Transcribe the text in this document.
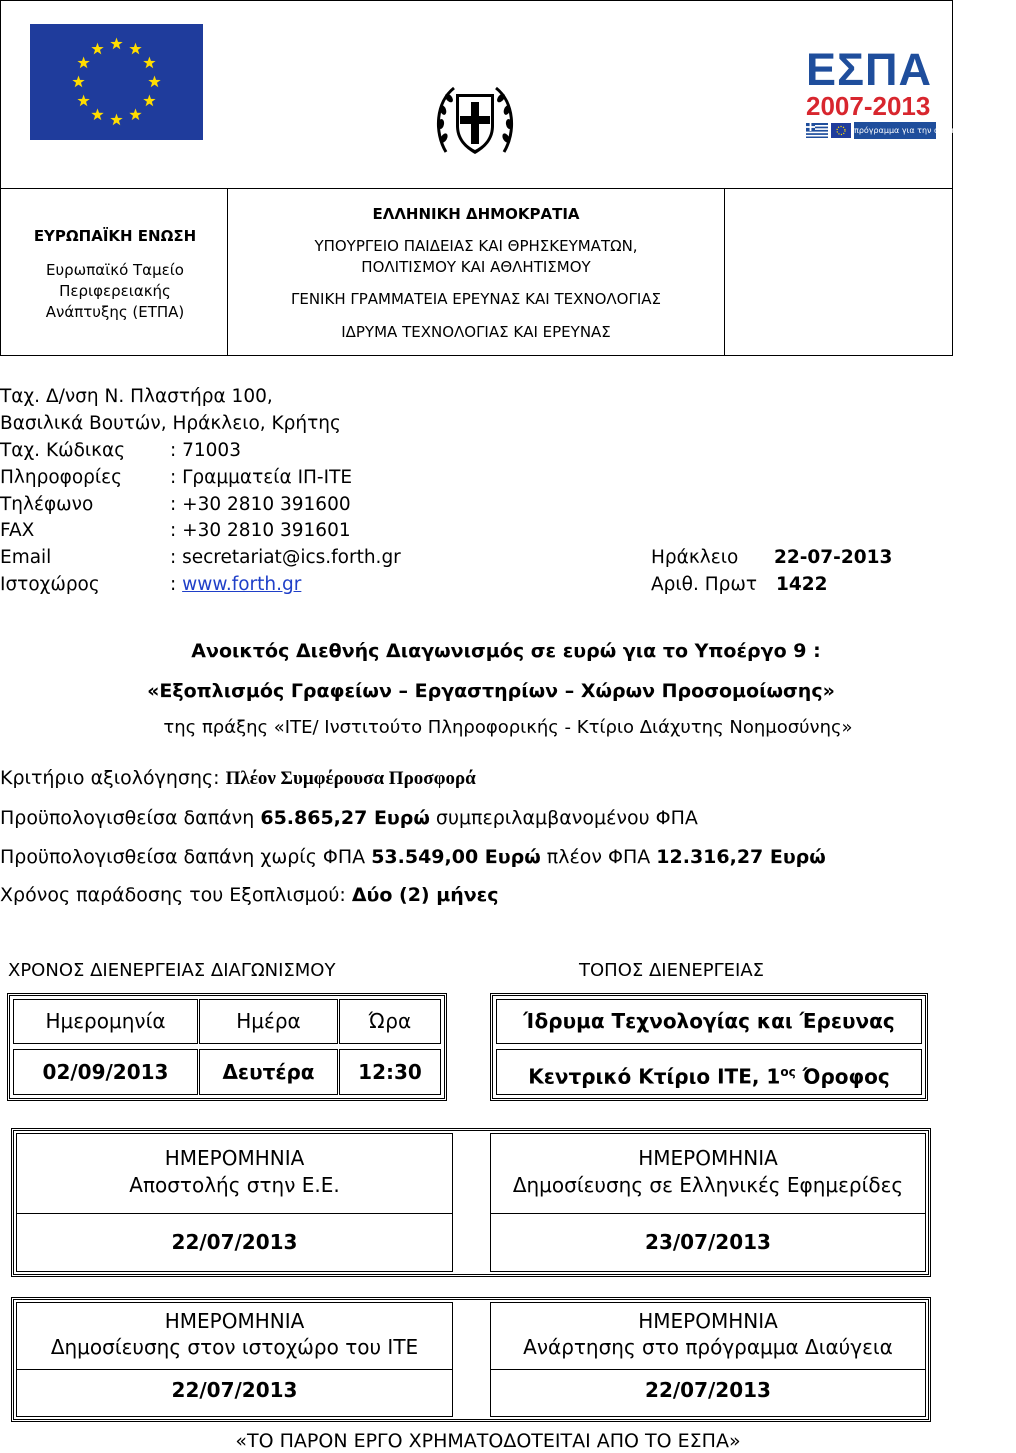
ΕΣΠΑ
2007-2013
πρόγραμμα για την ανάπτυξη
ΕΥΡΩΠΑΪΚΗ ΕΝΩΣΗ
Ευρωπαϊκό Ταμείο
Περιφερειακής
Ανάπτυξης (ΕΤΠΑ)
ΕΛΛΗΝΙΚΗ ΔΗΜΟΚΡΑΤΙΑ
ΥΠΟΥΡΓΕΙΟ ΠΑΙΔΕΙΑΣ ΚΑΙ ΘΡΗΣΚΕΥΜΑΤΩΝ,
ΠΟΛΙΤΙΣΜΟΥ ΚΑΙ ΑΘΛΗΤΙΣΜΟΥ
ΓΕΝΙΚΗ ΓΡΑΜΜΑΤΕΙΑ ΕΡΕΥΝΑΣ ΚΑΙ ΤΕΧΝΟΛΟΓΙΑΣ
ΙΔΡΥΜΑ ΤΕΧΝΟΛΟΓΙΑΣ ΚΑΙ ΕΡΕΥΝΑΣ
Ταχ. Δ/νση Ν. Πλαστήρα 100,
Βασιλικά Βουτών, Ηράκλειο, Κρήτης
Ταχ. Κώδικας : 71003
Πληροφορίες	: Γραμματεία ΙΠ-ΙΤΕ
Τηλέφωνο	: +30 2810 391600
FAX	: +30 2810 391601
Email	: secretariat@ics.forth.gr	Ηράκλειο 22-07-2013
Ιστοχώρος	: www.forth.gr	Αριθ. Πρωτ 1422
Ανοικτός Διεθνής Διαγωνισμός σε ευρώ για το Υποέργο 9 :
«Εξοπλισμός Γραφείων – Εργαστηρίων – Χώρων Προσομοίωσης»
της πράξης «ΙΤΕ/ Ινστιτούτο Πληροφορικής - Κτίριο Διάχυτης Νοημοσύνης»
Κριτήριο αξιολόγησης: Πλέον Συμφέρουσα Προσφορά
Προϋπολογισθείσα δαπάνη 65.865,27 Ευρώ συμπεριλαμβανομένου ΦΠΑ
Προϋπολογισθείσα δαπάνη χωρίς ΦΠΑ 53.549,00 Ευρώ πλέον ΦΠΑ 12.316,27 Ευρώ
Χρόνος παράδοσης του Εξοπλισμού: Δύο (2) μήνες
ΧΡΟΝΟΣ ΔΙΕΝΕΡΓΕΙΑΣ ΔΙΑΓΩΝΙΣΜΟΥ	ΤΟΠΟΣ ΔΙΕΝΕΡΓΕΙΑΣ
Ημερομηνία	Ημέρα	Ώρα
02/09/2013	Δευτέρα	12:30
Ίδρυμα Τεχνολογίας και Έρευνας
Κεντρικό Κτίριο ΙΤΕ, $1^{o\varsigma}$ Όροφος
ΗΜΕΡΟΜΗΝΙΑ
Αποστολής στην Ε.Ε.
22/07/2013
ΗΜΕΡΟΜΗΝΙΑ
Δημοσίευσης σε Ελληνικές Εφημερίδες
23/07/2013
ΗΜΕΡΟΜΗΝΙΑ
Δημοσίευσης στον ιστοχώρο του ΙΤΕ
22/07/2013
ΗΜΕΡΟΜΗΝΙΑ
Ανάρτησης στο πρόγραμμα Διαύγεια
22/07/2013
«ΤΟ ΠΑΡΟΝ ΕΡΓΟ ΧΡΗΜΑΤΟΔΟΤΕΙΤΑΙ ΑΠΟ ΤΟ ΕΣΠΑ»
